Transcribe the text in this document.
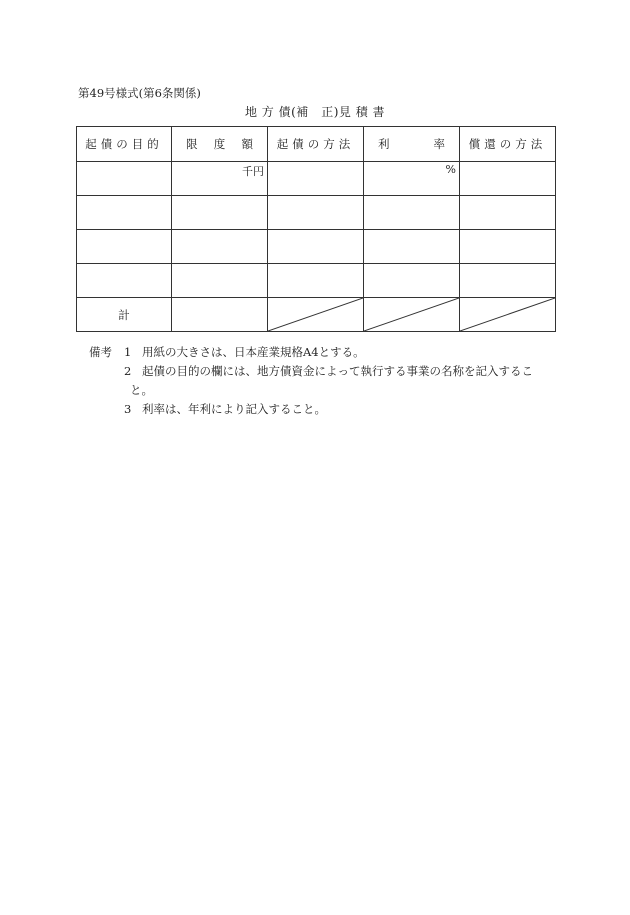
第49号様式(第6条関係)
地 方 債(補　正)見 積 書
起債の目的	限 度 額	起債の方法	利 率	償還の方法

	千円		%	

計		

備考 1 用紙の大きさは、日本産業規格A4とする。
2 起債の目的の欄には、地方債資金によって執行する事業の名称を記入するこ
と。
3 利率は、年利により記入すること。
